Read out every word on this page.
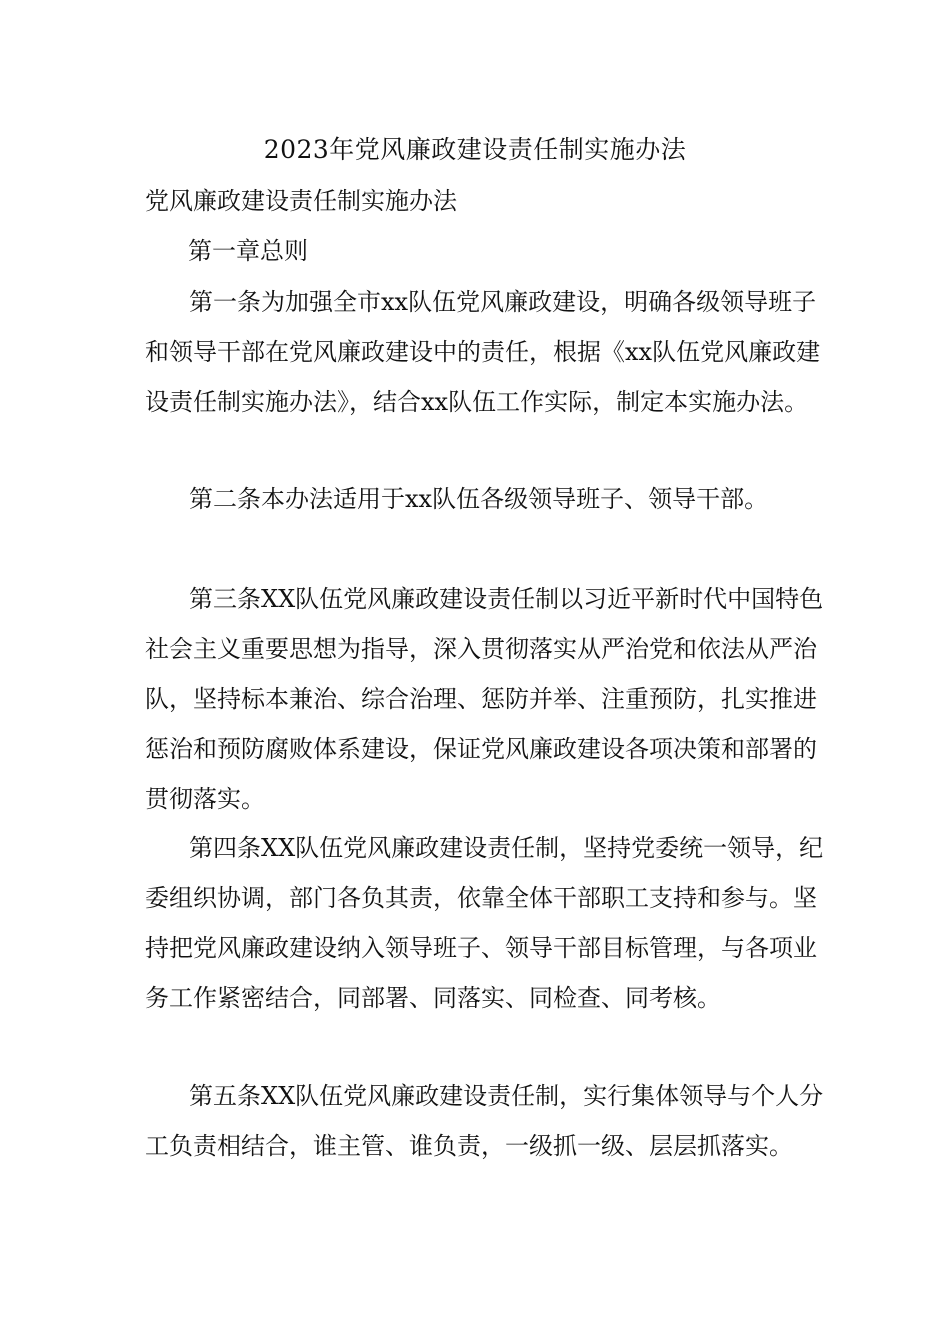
2023年党风廉政建设责任制实施办法
党风廉政建设责任制实施办法
第一章总则

第一条为加强全市xx队伍党风廉政建设，明确各级领导班子和领导干部在党风廉政建设中的责任，根据《xx队伍党风廉政建设责任制实施办法》，结合xx队伍工作实际，制定本实施办法。

第二条本办法适用于xx队伍各级领导班子、领导干部。

第三条XX队伍党风廉政建设责任制以习近平新时代中国特色社会主义重要思想为指导，深入贯彻落实从严治党和依法从严治队，坚持标本兼治、综合治理、惩防并举、注重预防，扎实推进惩治和预防腐败体系建设，保证党风廉政建设各项决策和部署的贯彻落实。

第四条XX队伍党风廉政建设责任制，坚持党委统一领导，纪委组织协调，部门各负其责，依靠全体干部职工支持和参与。坚持把党风廉政建设纳入领导班子、领导干部目标管理，与各项业务工作紧密结合，同部署、同落实、同检查、同考核。

第五条XX队伍党风廉政建设责任制，实行集体领导与个人分工负责相结合，谁主管、谁负责，一级抓一级、层层抓落实。
